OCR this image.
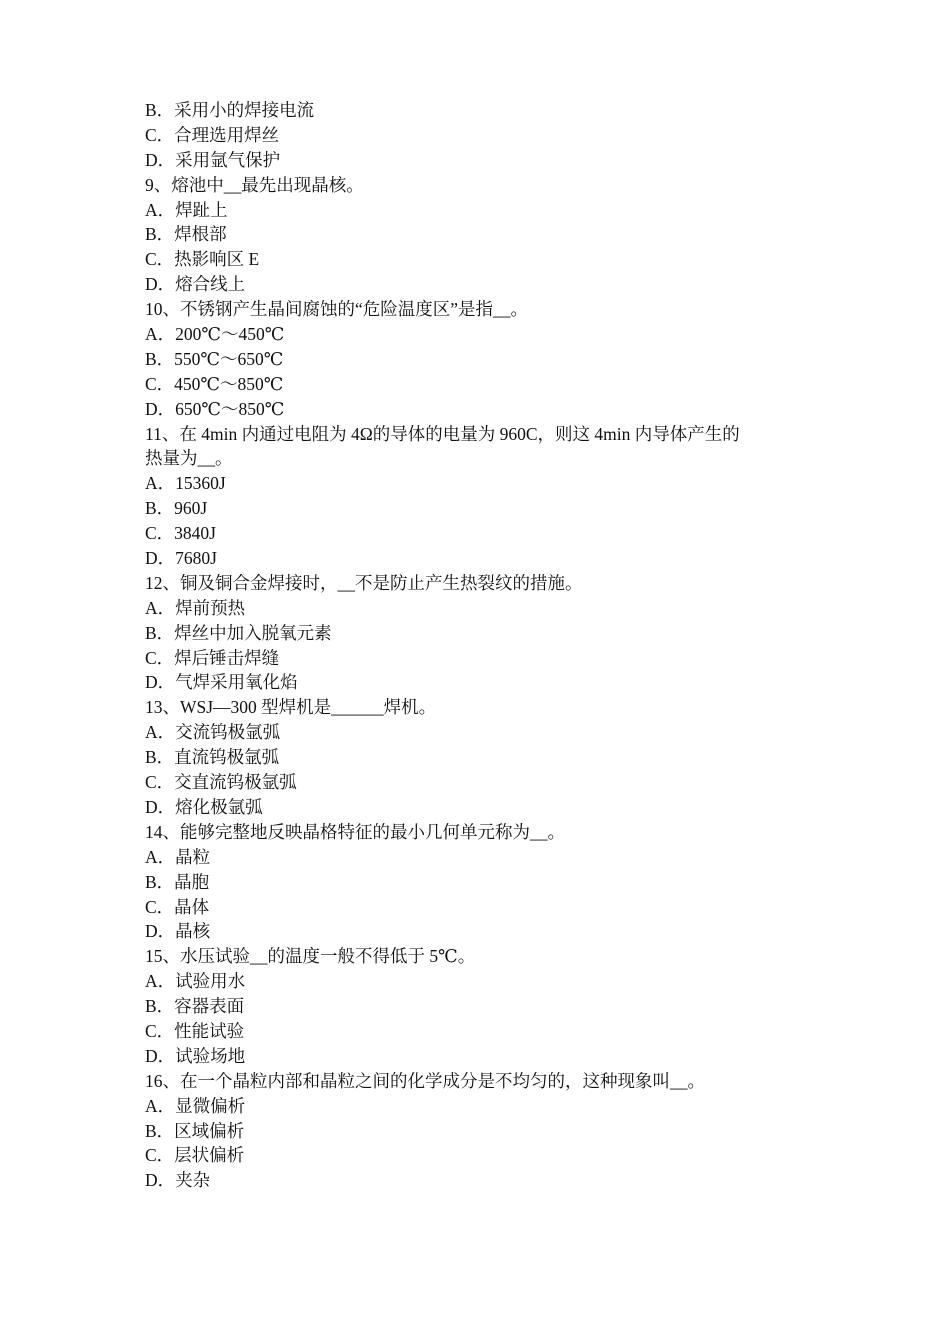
B．采用小的焊接电流
C．合理选用焊丝
D．采用氩气保护
9、熔池中__最先出现晶核。
A．焊趾上
B．焊根部
C．热影响区 E
D．熔合线上
10、不锈钢产生晶间腐蚀的“危险温度区”是指__。
A．200℃～450℃
B．550℃～650℃
C．450℃～850℃
D．650℃～850℃
11、在 4min 内通过电阻为 4Ω的导体的电量为 960C，则这 4min 内导体产生的
热量为__。
A．15360J
B．960J
C．3840J
D．7680J
12、铜及铜合金焊接时，__不是防止产生热裂纹的措施。
A．焊前预热
B．焊丝中加入脱氧元素
C．焊后锤击焊缝
D．气焊采用氧化焰
13、WSJ—300 型焊机是______焊机。
A．交流钨极氩弧
B．直流钨极氩弧
C．交直流钨极氩弧
D．熔化极氩弧
14、能够完整地反映晶格特征的最小几何单元称为__。
A．晶粒
B．晶胞
C．晶体
D．晶核
15、水压试验__的温度一般不得低于 5℃。
A．试验用水
B．容器表面
C．性能试验
D．试验场地
16、在一个晶粒内部和晶粒之间的化学成分是不均匀的，这种现象叫__。
A．显微偏析
B．区域偏析
C．层状偏析
D．夹杂
